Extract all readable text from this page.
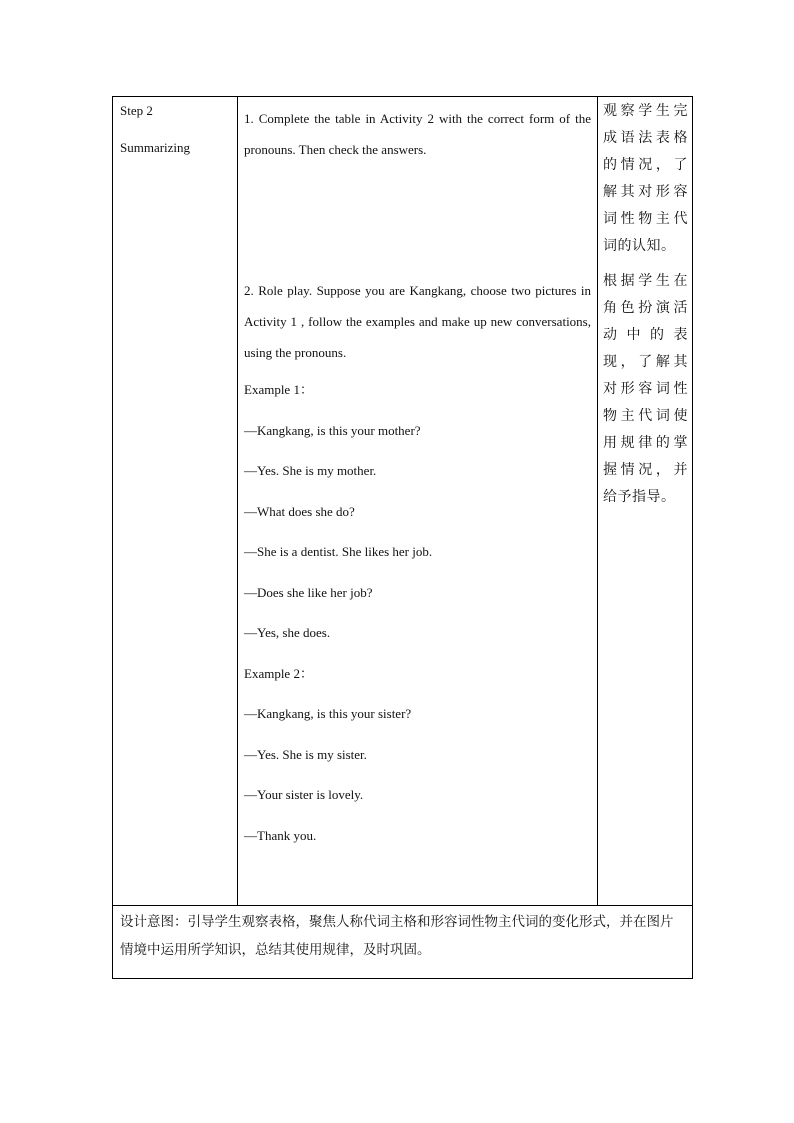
Step 2
Summarizing

1. Complete the table in Activity 2 with the correct form of the pronouns. Then check the answers.
2. Role play. Suppose you are Kangkang, choose two pictures in Activity 1 , follow the examples and make up new conversations, using the pronouns.
Example 1：
—Kangkang, is this your mother?
—Yes. She is my mother.
—What does she do?
—She is a dentist. She likes her job.
—Does she like her job?
—Yes, she does.
Example 2：
—Kangkang, is this your sister?
—Yes. She is my sister.
—Your sister is lovely.
—Thank you.

观察学生完成语法表格的情况，了解其对形容词性物主代词的认知。
根据学生在角色扮演活动中的表现，了解其对形容词性物主代词使用规律的掌握情况，并给予指导。

设计意图：引导学生观察表格，聚焦人称代词主格和形容词性物主代词的变化形式，并在图片情境中运用所学知识，总结其使用规律，及时巩固。
